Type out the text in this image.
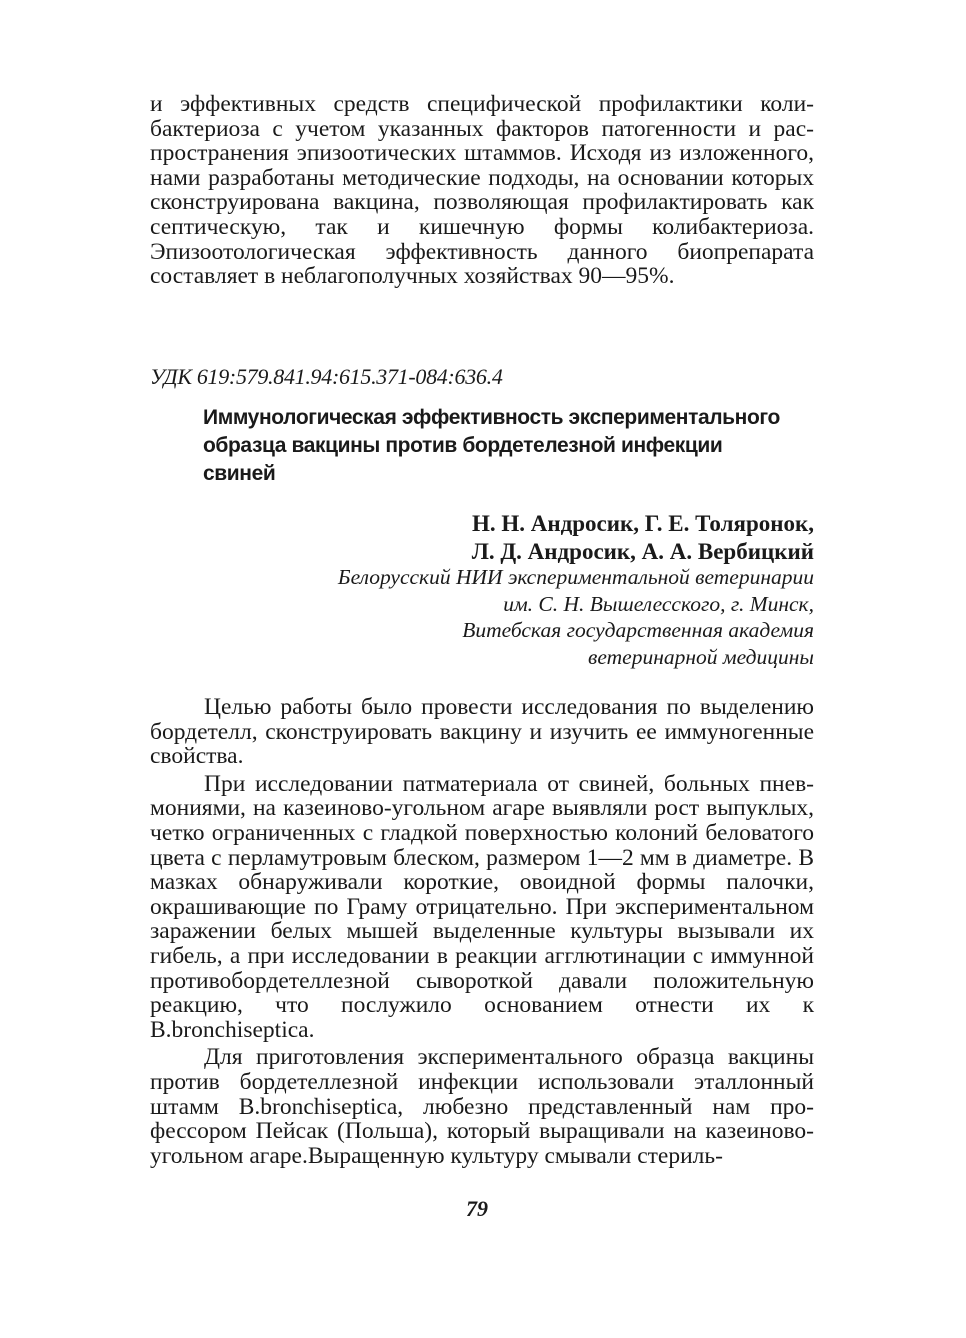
и эффективных средств специфической профилактики колибактериоза с учетом указанных факторов патогенности и распространения эпизоотических штаммов. Исходя из изложенного, нами разработаны методические подходы, на основании которых сконструирована вакцина, позволяющая профилактировать как септическую, так и кишечную формы колибактериоза. Эпизоотологическая эффективность данного биопрепарата составляет в неблагополучных хозяйствах 90—95%.

УДК 619:579.841.94:615.371-084:636.4

Иммунологическая эффективность экспериментального
образца вакцины против бордетелезной инфекции
свиней

Н. Н. Андросик, Г. Е. Толяронок,
Л. Д. Андросик, А. А. Вербицкий

Белорусский НИИ экспериментальной ветеринарии
им. С. Н. Вышелесского, г. Минск,
Витебская государственная академия
ветеринарной медицины

Целью работы было провести исследования по выделению бордетелл, сконструировать вакцину и изучить ее иммуногенные свойства.

При исследовании патматериала от свиней, больных пневмониями, на казеиново-угольном агаре выявляли рост выпуклых, четко ограниченных с гладкой поверхностью колоний беловатого цвета с перламутровым блеском, размером 1—2 мм в диаметре. В мазках обнаруживали короткие, овоидной формы палочки, окрашивающие по Граму отрицательно. При экспериментальном заражении белых мышей выделенные культуры вызывали их гибель, а при исследовании в реакции агглютинации с иммунной противобордетеллезной сывороткой давали положительную реакцию, что послужило основанием отнести их к B.bronchiseptica.

Для приготовления экспериментального образца вакцины против бордетеллезной инфекции использовали эталлонный штамм B.bronchiseptica, любезно представленный нам профессором Пейсак (Польша), который выращивали на казеиново-угольном агаре.Выращенную культуру смывали стериль-

79
